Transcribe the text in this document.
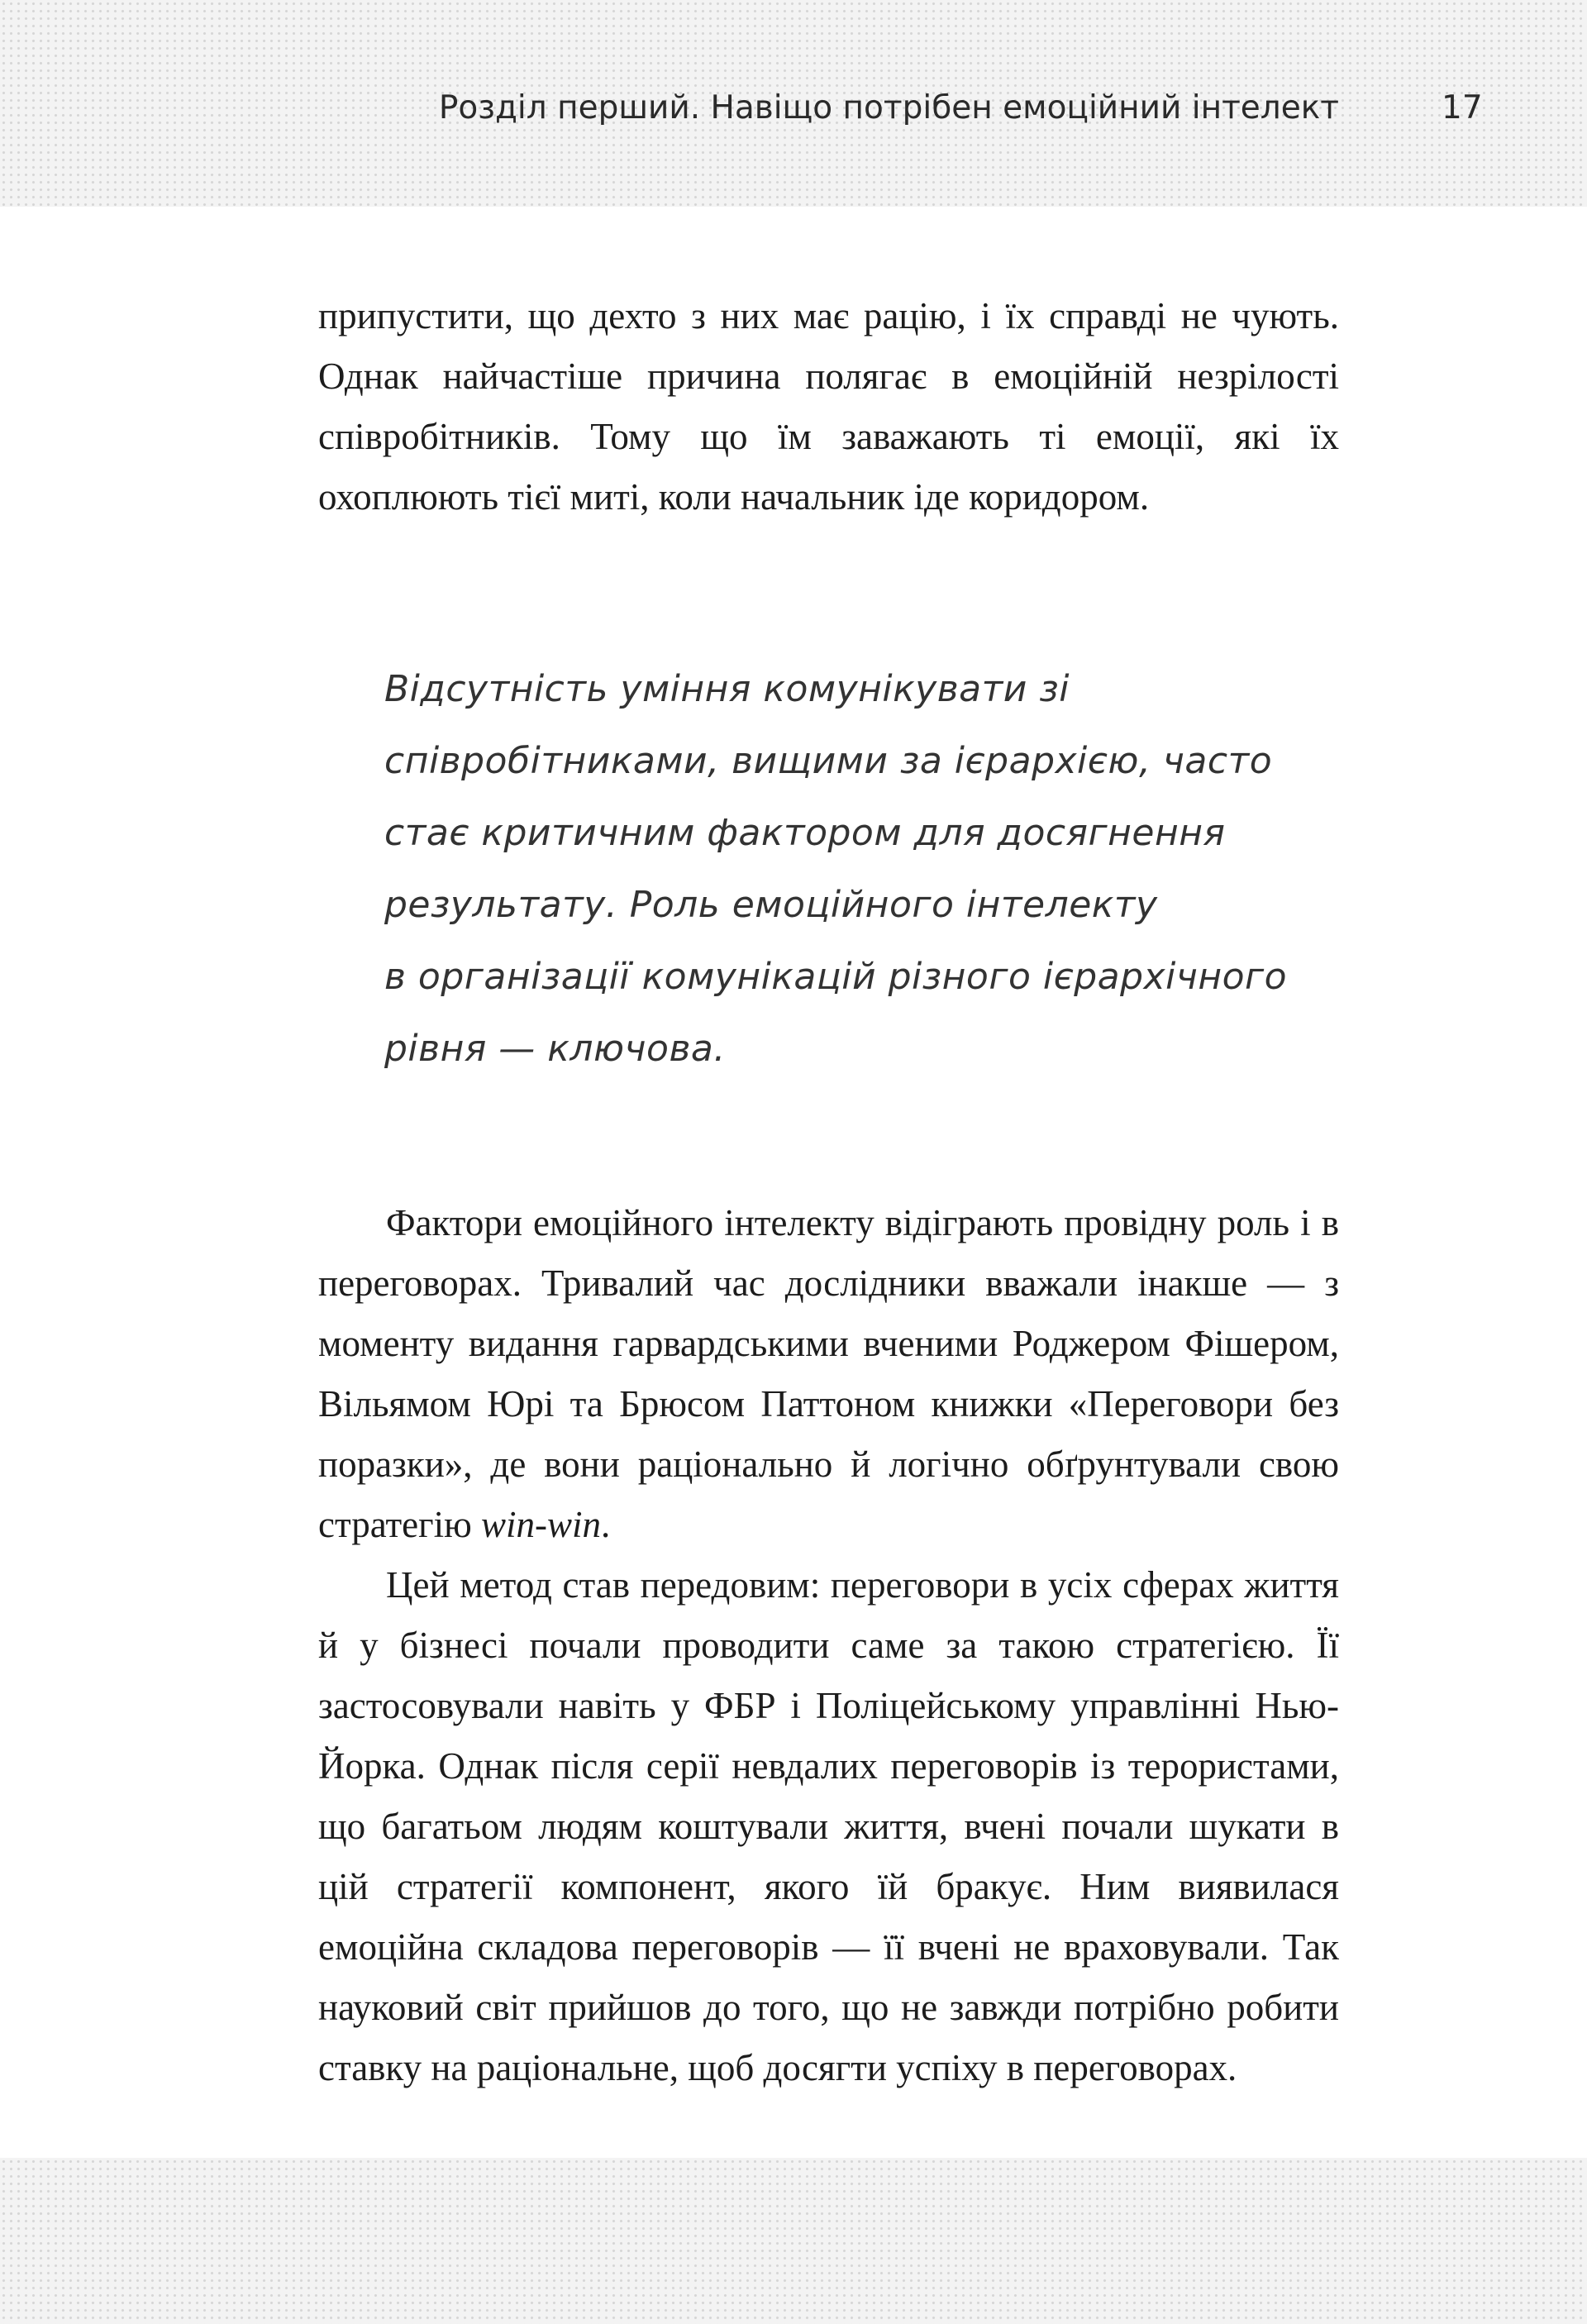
Розділ перший. Навіщо потрібен емоційний інтелект	17

припустити, що дехто з них має рацію, і їх справді не чують. Однак найчастіше причина полягає в емоційній незрілості співробітників. Тому що їм заважають ті емоції, які їх охоплюють тієї миті, коли начальник іде коридором.

Відсутність уміння комунікувати зі
співробітниками, вищими за ієрархією, часто
стає критичним фактором для досягнення
результату. Роль емоційного інтелекту
в організації комунікацій різного ієрархічного
рівня — ключова.

Фактори емоційного інтелекту відіграють провідну роль і в переговорах. Тривалий час дослідники вважали інакше — з моменту видання гарвардськими вченими Роджером Фішером, Вільямом Юрі та Брюсом Паттоном книжки «Переговори без поразки», де вони раціонально й логічно обґрунтували свою стратегію win-win.

Цей метод став передовим: переговори в усіх сферах життя й у бізнесі почали проводити саме за такою стратегією. Її застосовували навіть у ФБР і Поліцейському управлінні Нью-Йорка. Однак після серії невдалих переговорів із терористами, що багатьом людям коштували життя, вчені почали шукати в цій стратегії компонент, якого їй бракує. Ним виявилася емоційна складова переговорів — її вчені не враховували. Так науковий світ прийшов до того, що не завжди потрібно робити ставку на раціональне, щоб досягти успіху в переговорах.
